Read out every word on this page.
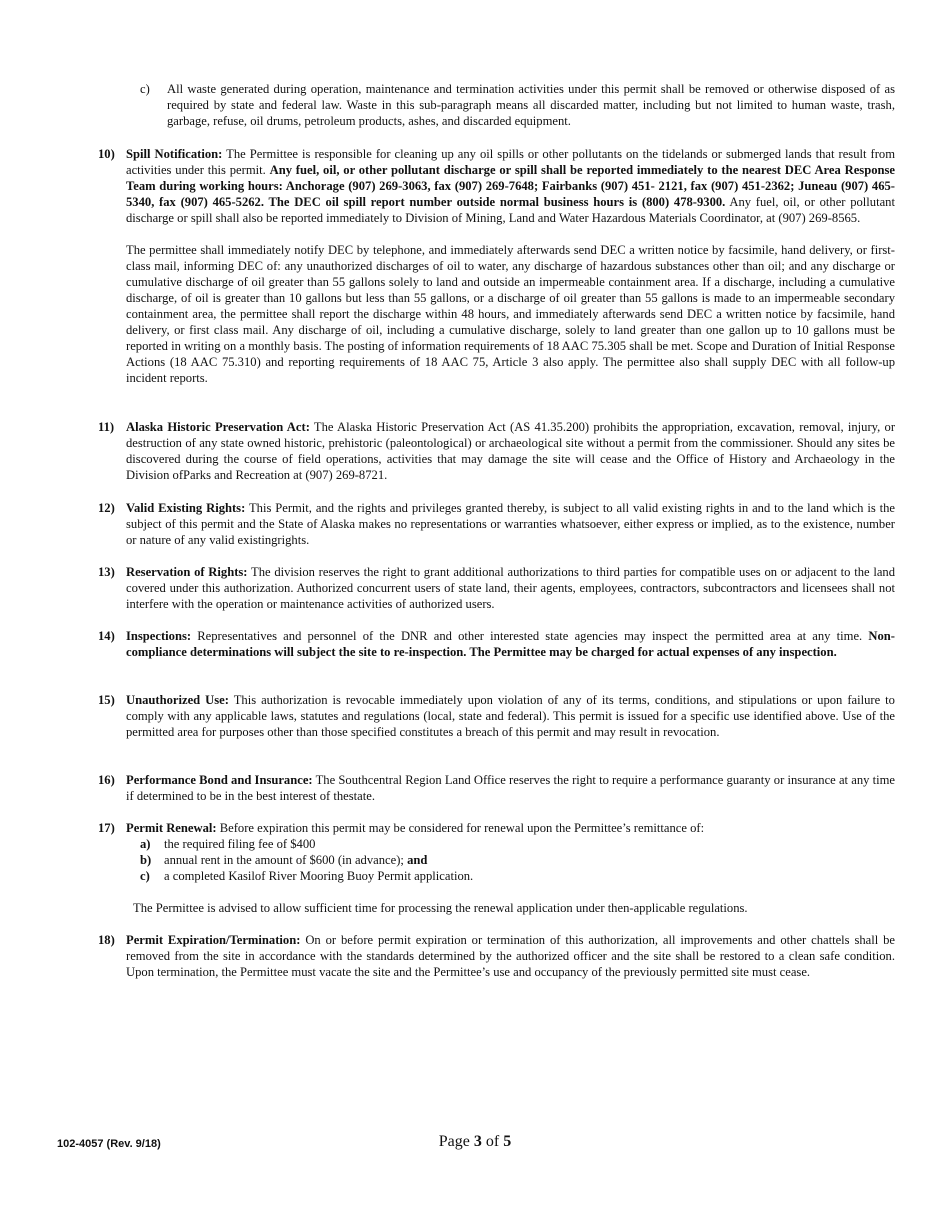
c) All waste generated during operation, maintenance and termination activities under this permit shall be removed or otherwise disposed of as required by state and federal law. Waste in this sub-paragraph means all discarded matter, including but not limited to human waste, trash, garbage, refuse, oil drums, petroleum products, ashes, and discarded equipment.
10) Spill Notification: The Permittee is responsible for cleaning up any oil spills or other pollutants on the tidelands or submerged lands that result from activities under this permit. Any fuel, oil, or other pollutant discharge or spill shall be reported immediately to the nearest DEC Area Response Team during working hours: Anchorage (907) 269-3063, fax (907) 269-7648; Fairbanks (907) 451- 2121, fax (907) 451-2362; Juneau (907) 465-5340, fax (907) 465-5262. The DEC oil spill report number outside normal business hours is (800) 478-9300. Any fuel, oil, or other pollutant discharge or spill shall also be reported immediately to Division of Mining, Land and Water Hazardous Materials Coordinator, at (907) 269-8565.

The permittee shall immediately notify DEC by telephone, and immediately afterwards send DEC a written notice by facsimile, hand delivery, or first-class mail, informing DEC of: any unauthorized discharges of oil to water, any discharge of hazardous substances other than oil; and any discharge or cumulative discharge of oil greater than 55 gallons solely to land and outside an impermeable containment area. If a discharge, including a cumulative discharge, of oil is greater than 10 gallons but less than 55 gallons, or a discharge of oil greater than 55 gallons is made to an impermeable secondary containment area, the permittee shall report the discharge within 48 hours, and immediately afterwards send DEC a written notice by facsimile, hand delivery, or first class mail. Any discharge of oil, including a cumulative discharge, solely to land greater than one gallon up to 10 gallons must be reported in writing on a monthly basis. The posting of information requirements of 18 AAC 75.305 shall be met. Scope and Duration of Initial Response Actions (18 AAC 75.310) and reporting requirements of 18 AAC 75, Article 3 also apply. The permittee also shall supply DEC with all follow-up incident reports.

11) Alaska Historic Preservation Act: The Alaska Historic Preservation Act (AS 41.35.200) prohibits the appropriation, excavation, removal, injury, or destruction of any state owned historic, prehistoric (paleontological) or archaeological site without a permit from the commissioner. Should any sites be discovered during the course of field operations, activities that may damage the site will cease and the Office of History and Archaeology in the Division ofParks and Recreation at (907) 269-8721.
12) Valid Existing Rights: This Permit, and the rights and privileges granted thereby, is subject to all valid existing rights in and to the land which is the subject of this permit and the State of Alaska makes no representations or warranties whatsoever, either express or implied, as to the existence, number or nature of any valid existingrights.
13) Reservation of Rights: The division reserves the right to grant additional authorizations to third parties for compatible uses on or adjacent to the land covered under this authorization. Authorized concurrent users of state land, their agents, employees, contractors, subcontractors and licensees shall not interfere with the operation or maintenance activities of authorized users.
14) Inspections: Representatives and personnel of the DNR and other interested state agencies may inspect the permitted area at any time. Non-compliance determinations will subject the site to re-inspection. The Permittee may be charged for actual expenses of any inspection.
15) Unauthorized Use: This authorization is revocable immediately upon violation of any of its terms, conditions, and stipulations or upon failure to comply with any applicable laws, statutes and regulations (local, state and federal). This permit is issued for a specific use identified above. Use of the permitted area for purposes other than those specified constitutes a breach of this permit and may result in revocation.
16) Performance Bond and Insurance: The Southcentral Region Land Office reserves the right to require a performance guaranty or insurance at any time if determined to be in the best interest of thestate.
17) Permit Renewal: Before expiration this permit may be considered for renewal upon the Permittee’s remittance of:
a) the required filing fee of $400
b) annual rent in the amount of $600 (in advance); and
c) a completed Kasilof River Mooring Buoy Permit application.
The Permittee is advised to allow sufficient time for processing the renewal application under then-applicable regulations.
18) Permit Expiration/Termination: On or before permit expiration or termination of this authorization, all improvements and other chattels shall be removed from the site in accordance with the standards determined by the authorized officer and the site shall be restored to a clean safe condition. Upon termination, the Permittee must vacate the site and the Permittee’s use and occupancy of the previously permitted site must cease.
102-4057 (Rev. 9/18)	Page 3 of 5
